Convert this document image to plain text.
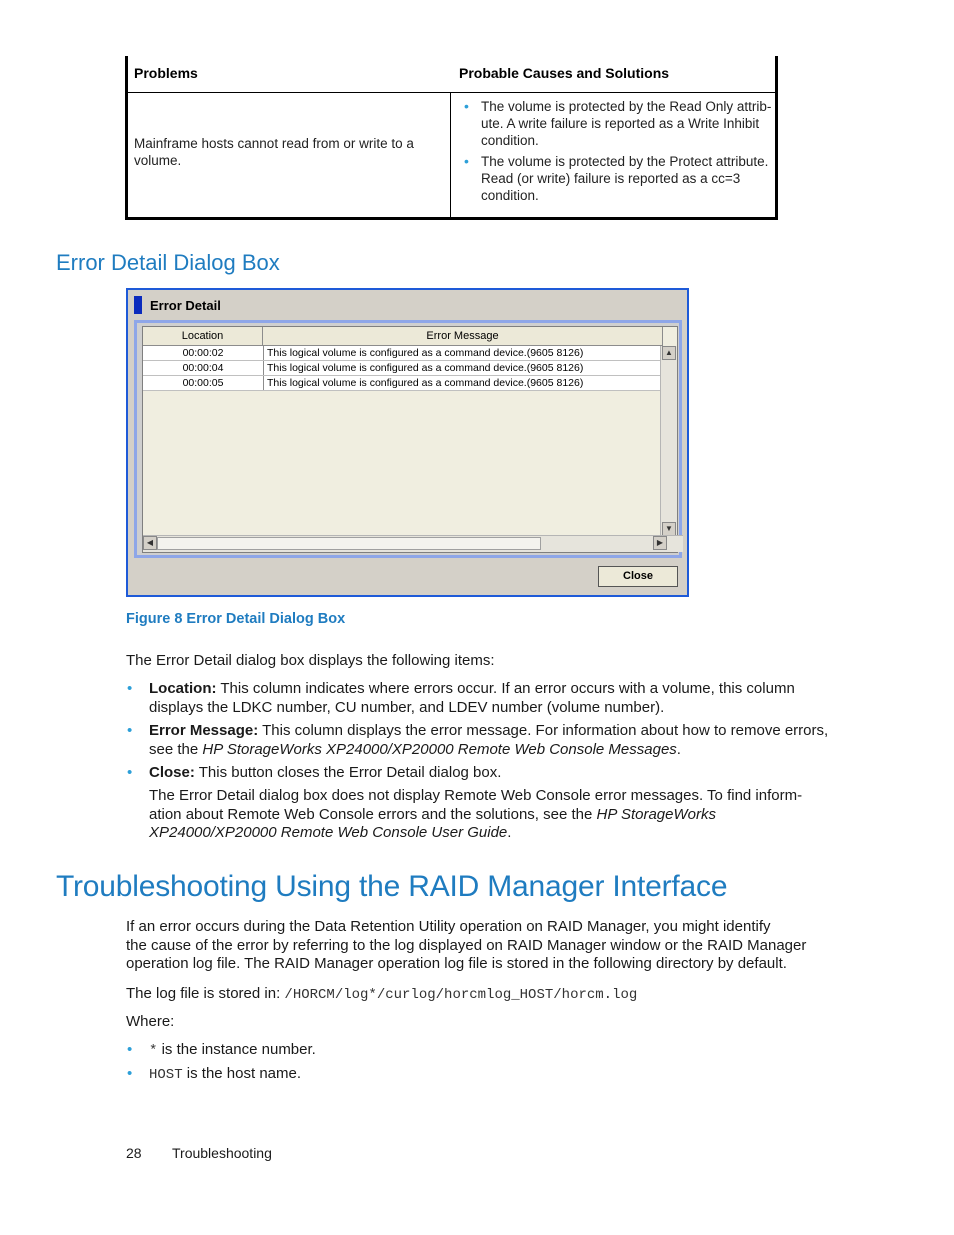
Problems	Probable Causes and Solutions
Mainframe hosts cannot read from or write to a volume.
• The volume is protected by the Read Only attrib-ute. A write failure is reported as a Write Inhibit condition.
• The volume is protected by the Protect attribute. Read (or write) failure is reported as a cc=3 condition.
Error Detail Dialog Box
Error Detail
Location	Error Message
00:00:02	This logical volume is configured as a command device.(9605 8126)
00:00:04	This logical volume is configured as a command device.(9605 8126)
00:00:05	This logical volume is configured as a command device.(9605 8126)
▲
▼
◀	▶
Close
Figure 8 Error Detail Dialog Box
The Error Detail dialog box displays the following items:
• Location: This column indicates where errors occur. If an error occurs with a volume, this column
displays the LDKC number, CU number, and LDEV number (volume number).
• Error Message: This column displays the error message. For information about how to remove errors,
see the HP StorageWorks XP24000/XP20000 Remote Web Console Messages.
• Close: This button closes the Error Detail dialog box.
The Error Detail dialog box does not display Remote Web Console error messages. To find inform-
ation about Remote Web Console errors and the solutions, see the HP StorageWorks
XP24000/XP20000 Remote Web Console User Guide.
Troubleshooting Using the RAID Manager Interface
If an error occurs during the Data Retention Utility operation on RAID Manager, you might identify
the cause of the error by referring to the log displayed on RAID Manager window or the RAID Manager
operation log file. The RAID Manager operation log file is stored in the following directory by default.
The log file is stored in: /HORCM/log*/curlog/horcmlog_HOST/horcm.log
Where:
• * is the instance number.
• HOST is the host name.
28 Troubleshooting
